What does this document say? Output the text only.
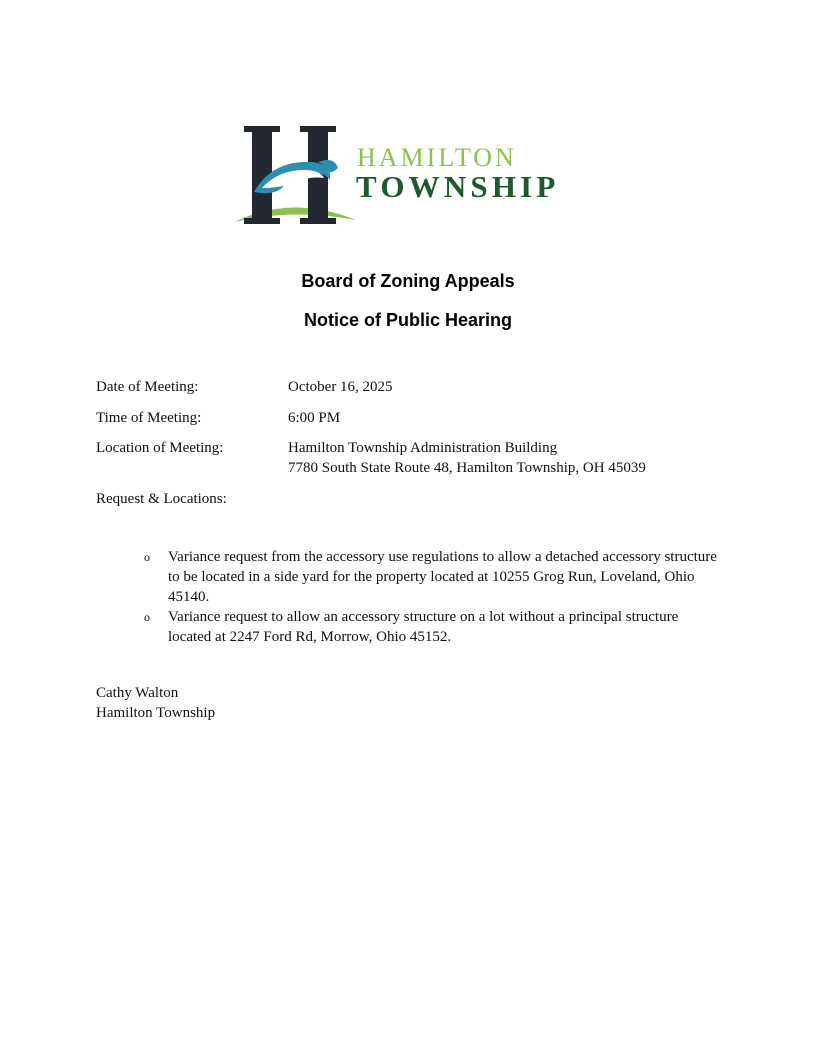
HAMILTON
TOWNSHIP
Board of Zoning Appeals
Notice of Public Hearing
Date of Meeting:	October 16, 2025
Time of Meeting:	6:00 PM
Location of Meeting:	Hamilton Township Administration Building
7780 South State Route 48, Hamilton Township, OH 45039
Request & Locations:
o Variance request from the accessory use regulations to allow a detached accessory structure to be located in a side yard for the property located at 10255 Grog Run, Loveland, Ohio 45140.
o Variance request to allow an accessory structure on a lot without a principal structure located at 2247 Ford Rd, Morrow, Ohio 45152.
Cathy Walton
Hamilton Township
